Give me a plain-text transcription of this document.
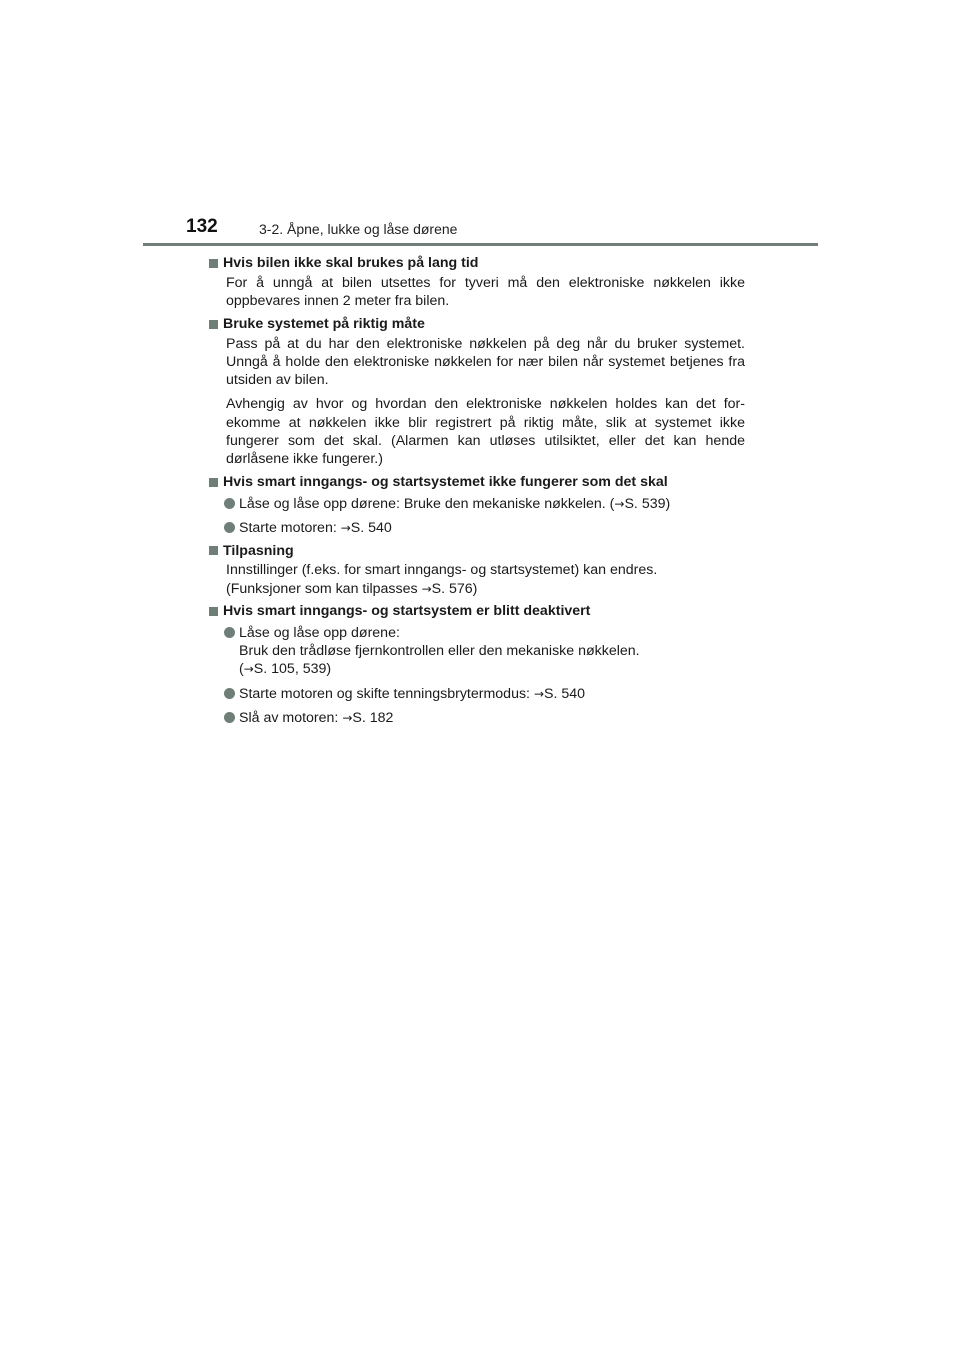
132	3-2. Åpne, lukke og låse dørene
Hvis bilen ikke skal brukes på lang tid

For å unngå at bilen utsettes for tyveri må den elektroniske nøkkelen ikke oppbevares innen 2 meter fra bilen.

Bruke systemet på riktig måte

Pass på at du har den elektroniske nøkkelen på deg når du bruker systemet. Unngå å holde den elektroniske nøkkelen for nær bilen når systemet betjenes fra utsiden av bilen.

Avhengig av hvor og hvordan den elektroniske nøkkelen holdes kan det for-ekomme at nøkkelen ikke blir registrert på riktig måte, slik at systemet ikke fungerer som det skal. (Alarmen kan utløses utilsiktet, eller det kan hende dørlåsene ikke fungerer.)

Hvis smart inngangs- og startsystemet ikke fungerer som det skal
Låse og låse opp dørene: Bruke den mekaniske nøkkelen. (→S. 539)
Starte motoren: →S. 540
Tilpasning

Innstillinger (f.eks. for smart inngangs- og startsystemet) kan endres.
(Funksjoner som kan tilpasses →S. 576)

Hvis smart inngangs- og startsystem er blitt deaktivert
Låse og låse opp dørene:
Bruk den trådløse fjernkontrollen eller den mekaniske nøkkelen.
(→S. 105, 539)
Starte motoren og skifte tenningsbrytermodus: →S. 540
Slå av motoren: →S. 182
